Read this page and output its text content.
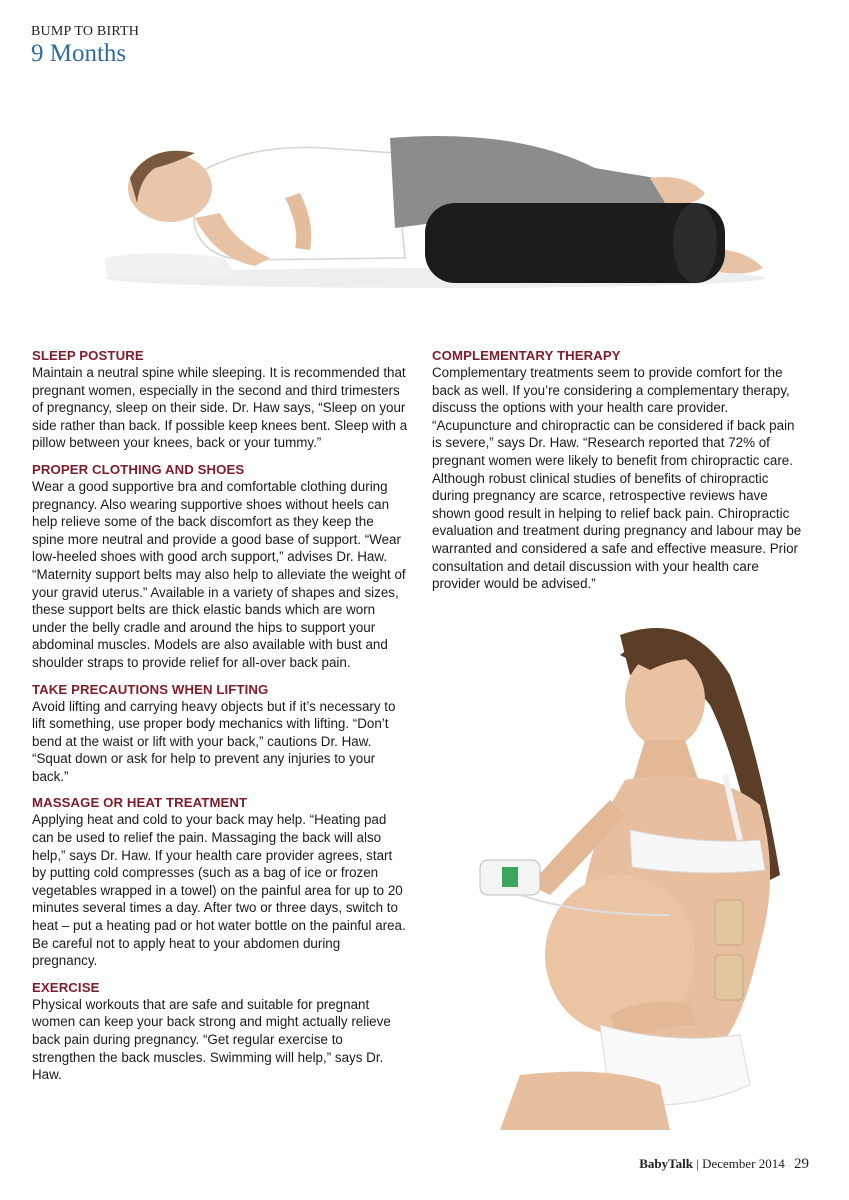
BUMP TO BIRTH
9 Months
SLEEP POSTURE

Maintain a neutral spine while sleeping. It is recommended that pregnant women, especially in the second and third trimesters of pregnancy, sleep on their side. Dr. Haw says, “Sleep on your side rather than back. If possible keep knees bent. Sleep with a pillow between your knees, back or your tummy.”

PROPER CLOTHING AND SHOES

Wear a good supportive bra and comfortable clothing during pregnancy. Also wearing supportive shoes without heels can help relieve some of the back discomfort as they keep the spine more neutral and provide a good base of support. “Wear low-heeled shoes with good arch support,” advises Dr. Haw. “Maternity support belts may also help to alleviate the weight of your gravid uterus.” Available in a variety of shapes and sizes, these support belts are thick elastic bands which are worn under the belly cradle and around the hips to support your abdominal muscles. Models are also available with bust and shoulder straps to provide relief for all-over back pain.

TAKE PRECAUTIONS WHEN LIFTING

Avoid lifting and carrying heavy objects but if it’s necessary to lift something, use proper body mechanics with lifting. “Don’t bend at the waist or lift with your back,” cautions Dr. Haw. “Squat down or ask for help to prevent any injuries to your back.”

MASSAGE OR HEAT TREATMENT

Applying heat and cold to your back may help. “Heating pad can be used to relief the pain. Massaging the back will also help,” says Dr. Haw. If your health care provider agrees, start by putting cold compresses (such as a bag of ice or frozen vegetables wrapped in a towel) on the painful area for up to 20 minutes several times a day. After two or three days, switch to heat – put a heating pad or hot water bottle on the painful area. Be careful not to apply heat to your abdomen during pregnancy.

EXERCISE

Physical workouts that are safe and suitable for pregnant women can keep your back strong and might actually relieve back pain during pregnancy. “Get regular exercise to strengthen the back muscles. Swimming will help,” says Dr. Haw.

COMPLEMENTARY THERAPY

Complementary treatments seem to provide comfort for the back as well. If you’re considering a complementary therapy, discuss the options with your health care provider. “Acupuncture and chiropractic can be considered if back pain is severe,” says Dr. Haw. “Research reported that 72% of pregnant women were likely to benefit from chiropractic care. Although robust clinical studies of benefits of chiropractic during pregnancy are scarce, retrospective reviews have shown good result in helping to relief back pain. Chiropractic evaluation and treatment during pregnancy and labour may be warranted and considered a safe and effective measure. Prior consultation and detail discussion with your health care provider would be advised.”

BabyTalk | December 2014 29
